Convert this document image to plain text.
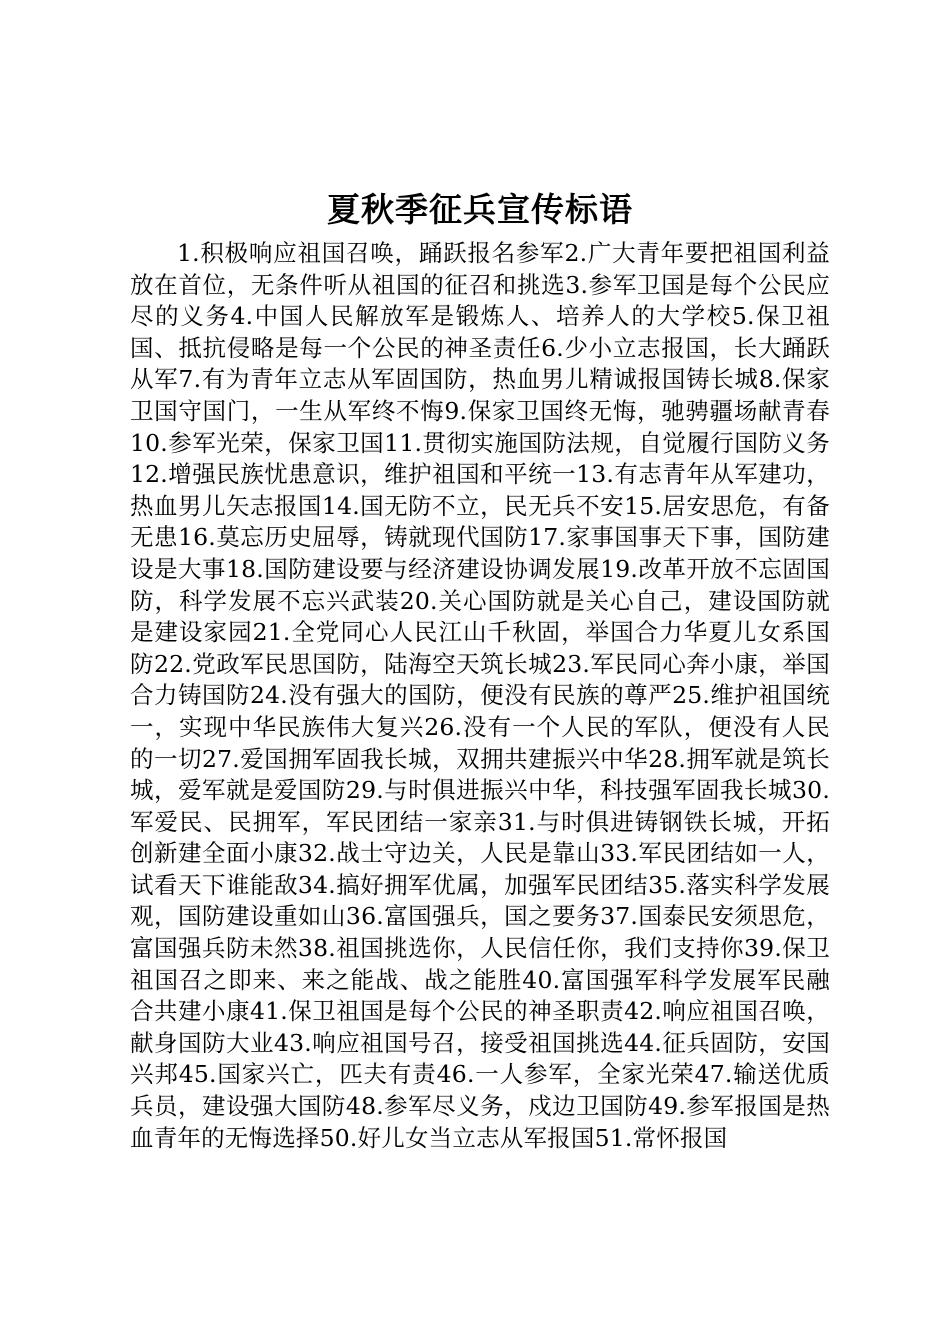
夏秋季征兵宣传标语

1.积极响应祖国召唤，踊跃报名参军2.广大青年要把祖国利益放在首位，无条件听从祖国的征召和挑选3.参军卫国是每个公民应尽的义务4.中国人民解放军是锻炼人、培养人的大学校5.保卫祖国、抵抗侵略是每一个公民的神圣责任6.少小立志报国，长大踊跃从军7.有为青年立志从军固国防，热血男儿精诚报国铸长城8.保家卫国守国门，一生从军终不悔9.保家卫国终无悔，驰骋疆场献青春10.参军光荣，保家卫国11.贯彻实施国防法规，自觉履行国防义务12.增强民族忧患意识，维护祖国和平统一13.有志青年从军建功，热血男儿矢志报国14.国无防不立，民无兵不安15.居安思危，有备无患16.莫忘历史屈辱，铸就现代国防17.家事国事天下事，国防建设是大事18.国防建设要与经济建设协调发展19.改革开放不忘固国防，科学发展不忘兴武装20.关心国防就是关心自己，建设国防就是建设家园21.全党同心人民江山千秋固，举国合力华夏儿女系国防22.党政军民思国防，陆海空天筑长城23.军民同心奔小康，举国合力铸国防24.没有强大的国防，便没有民族的尊严25.维护祖国统一，实现中华民族伟大复兴26.没有一个人民的军队，便没有人民的一切27.爱国拥军固我长城，双拥共建振兴中华28.拥军就是筑长城，爱军就是爱国防29.与时俱进振兴中华，科技强军固我长城30.军爱民、民拥军，军民团结一家亲31.与时俱进铸钢铁长城，开拓创新建全面小康32.战士守边关，人民是靠山33.军民团结如一人，试看天下谁能敌34.搞好拥军优属，加强军民团结35.落实科学发展观，国防建设重如山36.富国强兵，国之要务37.国泰民安须思危，富国强兵防未然38.祖国挑选你，人民信任你，我们支持你39.保卫祖国召之即来、来之能战、战之能胜40.富国强军科学发展军民融合共建小康41.保卫祖国是每个公民的神圣职责42.响应祖国召唤，献身国防大业43.响应祖国号召，接受祖国挑选44.征兵固防，安国兴邦45.国家兴亡，匹夫有责46.一人参军，全家光荣47.输送优质兵员，建设强大国防48.参军尽义务，戍边卫国防49.参军报国是热血青年的无悔选择50.好儿女当立志从军报国51.常怀报国
